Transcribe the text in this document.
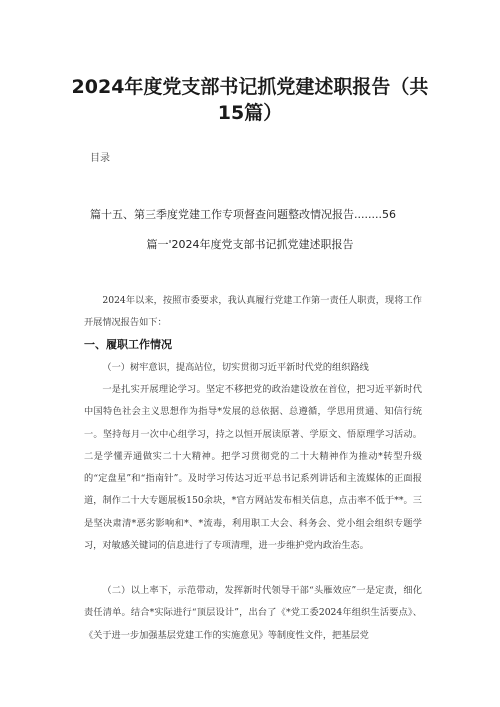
2024年度党支部书记抓党建述职报告（共15篇）
目录
篇十五、第三季度党建工作专项督查问题整改情况报告........56
篇一'2024年度党支部书记抓党建述职报告

2024年以来，按照市委要求，我认真履行党建工作第一责任人职责，现将工作开展情况报告如下：

一、履职工作情况

（一）树牢意识，提高站位，切实贯彻习近平新时代党的组织路线

一是扎实开展理论学习。坚定不移把党的政治建设放在首位，把习近平新时代中国特色社会主义思想作为指导*发展的总依据、总遵循，学思用贯通、知信行统一。坚持每月一次中心组学习，持之以恒开展读原著、学原文、悟原理学习活动。二是学懂弄通做实二十大精神。把学习贯彻党的二十大精神作为推动*转型升级的“定盘星”和“指南针”。及时学习传达习近平总书记系列讲话和主流媒体的正面报道，制作二十大专题展板150余块，*官方网站发布相关信息，点击率不低于**。三是坚决肃清*恶劣影响和*、*流毒，利用职工大会、科务会、党小组会组织专题学习，对敏感关键词的信息进行了专项清理，进一步维护党内政治生态。

（二）以上率下，示范带动，发挥新时代领导干部“头雁效应”一是定责，细化责任清单。结合*实际进行“顶层设计”，出台了《*党工委2024年组织生活要点》、《关于进一步加强基层党建工作的实施意见》等制度性文件，把基层党
